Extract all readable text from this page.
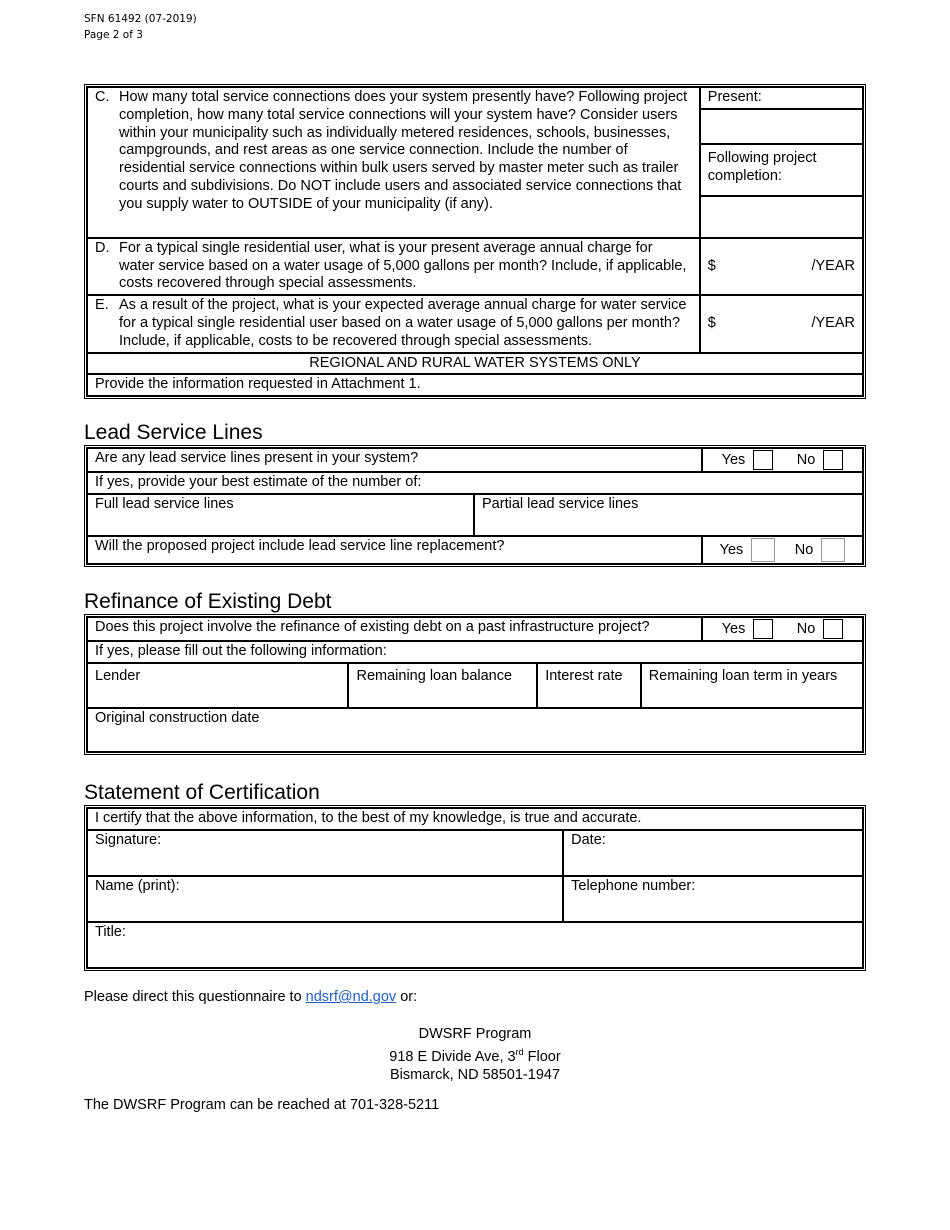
SFN 61492 (07-2019)
Page 2 of 3
C. How many total service connections does your system presently have? Following project completion, how many total service connections will your system have? Consider users within your municipality such as individually metered residences, schools, businesses, campgrounds, and rest areas as one service connection. Include the number of residential service connections within bulk users served by master meter such as trailer courts and subdivisions. Do NOT include users and associated service connections that you supply water to OUTSIDE of your municipality (if any).	Present:

	Following project completion:

D. For a typical single residential user, what is your present average annual charge for water service based on a water usage of 5,000 gallons per month? Include, if applicable, costs recovered through special assessments.	$ /YEAR

E. As a result of the project, what is your expected average annual charge for water service for a typical single residential user based on a water usage of 5,000 gallons per month? Include, if applicable, costs to be recovered through special assessments.	$ /YEAR

REGIONAL AND RURAL WATER SYSTEMS ONLY	
Provide the information requested in Attachment 1.	
Lead Service Lines
Are any lead service lines present in your system?		Yes No

If yes, provide your best estimate of the number of:		
Full lead service lines	Partial lead service lines	
Will the proposed project include lead service line replacement?		Yes No
Refinance of Existing Debt
Does this project involve the refinance of existing debt on a past infrastructure project?				Yes No

If yes, please fill out the following information:				
Lender	Remaining loan balance	Interest rate	Remaining loan term in years	
Original construction date				
Statement of Certification
I certify that the above information, to the best of my knowledge, is true and accurate.	
Signature:	Date:
Name (print):	Telephone number:
Title:	
Please direct this questionnaire to ndsrf@nd.gov or:
DWSRF Program
918 E Divide Ave, 3rd Floor
Bismarck, ND 58501-1947
The DWSRF Program can be reached at 701-328-5211
